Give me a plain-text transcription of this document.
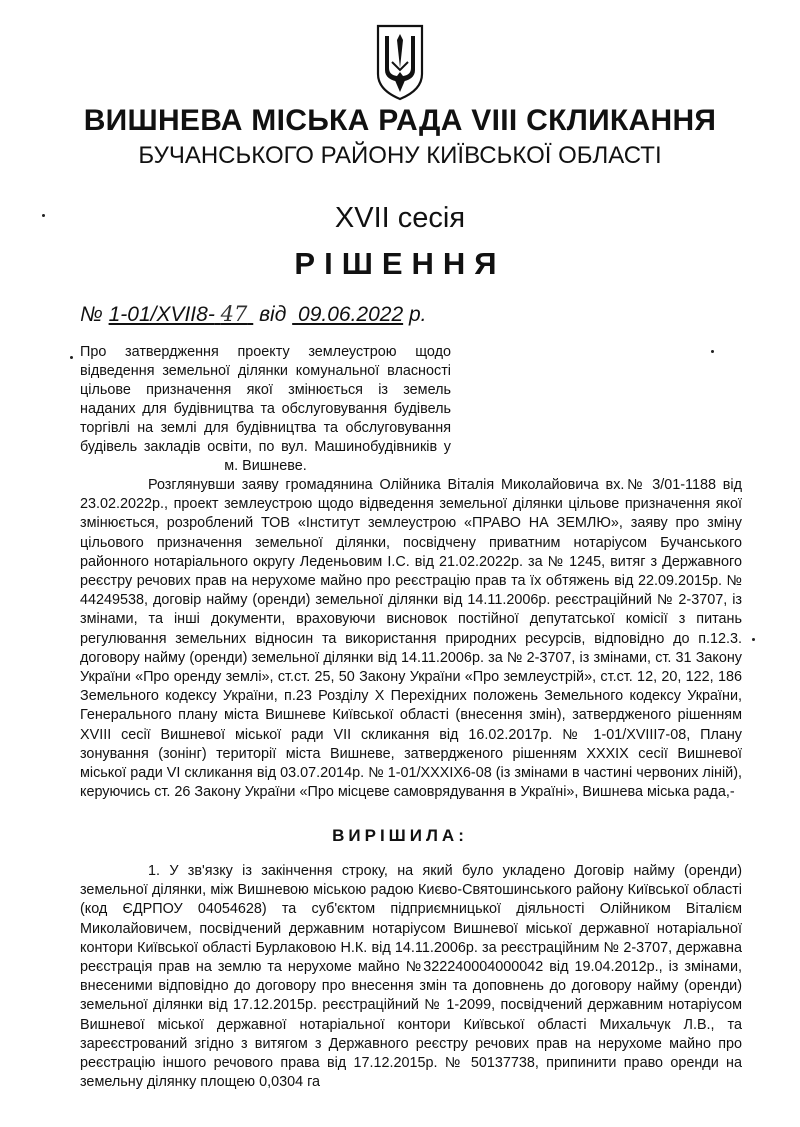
ВИШНЕВА МІСЬКА РАДА VIII СКЛИКАННЯ
БУЧАНСЬКОГО РАЙОНУ КИЇВСЬКОЇ ОБЛАСТІ
XVII сесія
РІШЕННЯ
№ 1-01/XVII8- 47 від 09.06.2022 р.
Про затвердження проекту землеустрою щодо відведення земельної ділянки комунальної власності цільове призначення якої змінюється із земель наданих для будівництва та обслуговування будівель торгівлі на землі для будівництва та обслуговування будівель закладів освіти, по вул. Машинобудівників у м. Вишневе.

Розглянувши заяву громадянина Олійника Віталія Миколайовича вх.№ 3/01-1188 від 23.02.2022р., проект землеустрою щодо відведення земельної ділянки цільове призначення якої змінюється, розроблений ТОВ «Інститут землеустрою «ПРАВО НА ЗЕМЛЮ», заяву про зміну цільового призначення земельної ділянки, посвідчену приватним нотаріусом Бучанського районного нотаріального округу Леденьовим І.С. від 21.02.2022р. за № 1245, витяг з Державного реєстру речових прав на нерухоме майно про реєстрацію прав та їх обтяжень від 22.09.2015р. № 44249538, договір найму (оренди) земельної ділянки від 14.11.2006р. реєстраційний № 2-3707, із змінами, та інші документи, враховуючи висновок постійної депутатської комісії з питань регулювання земельних відносин та використання природних ресурсів, відповідно до п.12.3. договору найму (оренди) земельної ділянки від 14.11.2006р. за № 2-3707, із змінами, ст. 31 Закону України «Про оренду землі», ст.ст. 25, 50 Закону України «Про землеустрій», ст.ст. 12, 20, 122, 186 Земельного кодексу України, п.23 Розділу Х Перехідних положень Земельного кодексу України, Генерального плану міста Вишневе Київської області (внесення змін), затвердженого рішенням XVIII сесії Вишневої міської ради VII скликання від 16.02.2017р. № 1-01/XVIII7-08, Плану зонування (зонінг) території міста Вишневе, затвердженого рішенням XXXIX сесії Вишневої міської ради VI скликання від 03.07.2014р. № 1-01/XXXIX6-08 (із змінами в частині червоних ліній), керуючись ст. 26 Закону України «Про місцеве самоврядування в Україні», Вишнева міська рада,-

ВИРІШИЛА:

1. У зв'язку із закінчення строку, на який було укладено Договір найму (оренди) земельної ділянки, між Вишневою міською радою Києво-Святошинського району Київської області (код ЄДРПОУ 04054628) та суб'єктом підприємницької діяльності Олійником Віталієм Миколайовичем, посвідчений державним нотаріусом Вишневої міської державної нотаріальної контори Київської області Бурлаковою Н.К. від 14.11.2006р. за реєстраційним № 2-3707, державна реєстрація прав на землю та нерухоме майно №322240004000042 від 19.04.2012р., із змінами, внесеними відповідно до договору про внесення змін та доповнень до договору найму (оренди) земельної ділянки від 17.12.2015р. реєстраційний № 1-2099, посвідчений державним нотаріусом Вишневої міської державної нотаріальної контори Київської області Михальчук Л.В., та зареєстрований згідно з витягом з Державного реєстру речових прав на нерухоме майно про реєстрацію іншого речового права від 17.12.2015р. № 50137738, припинити право оренди на земельну ділянку площею 0,0304 га
